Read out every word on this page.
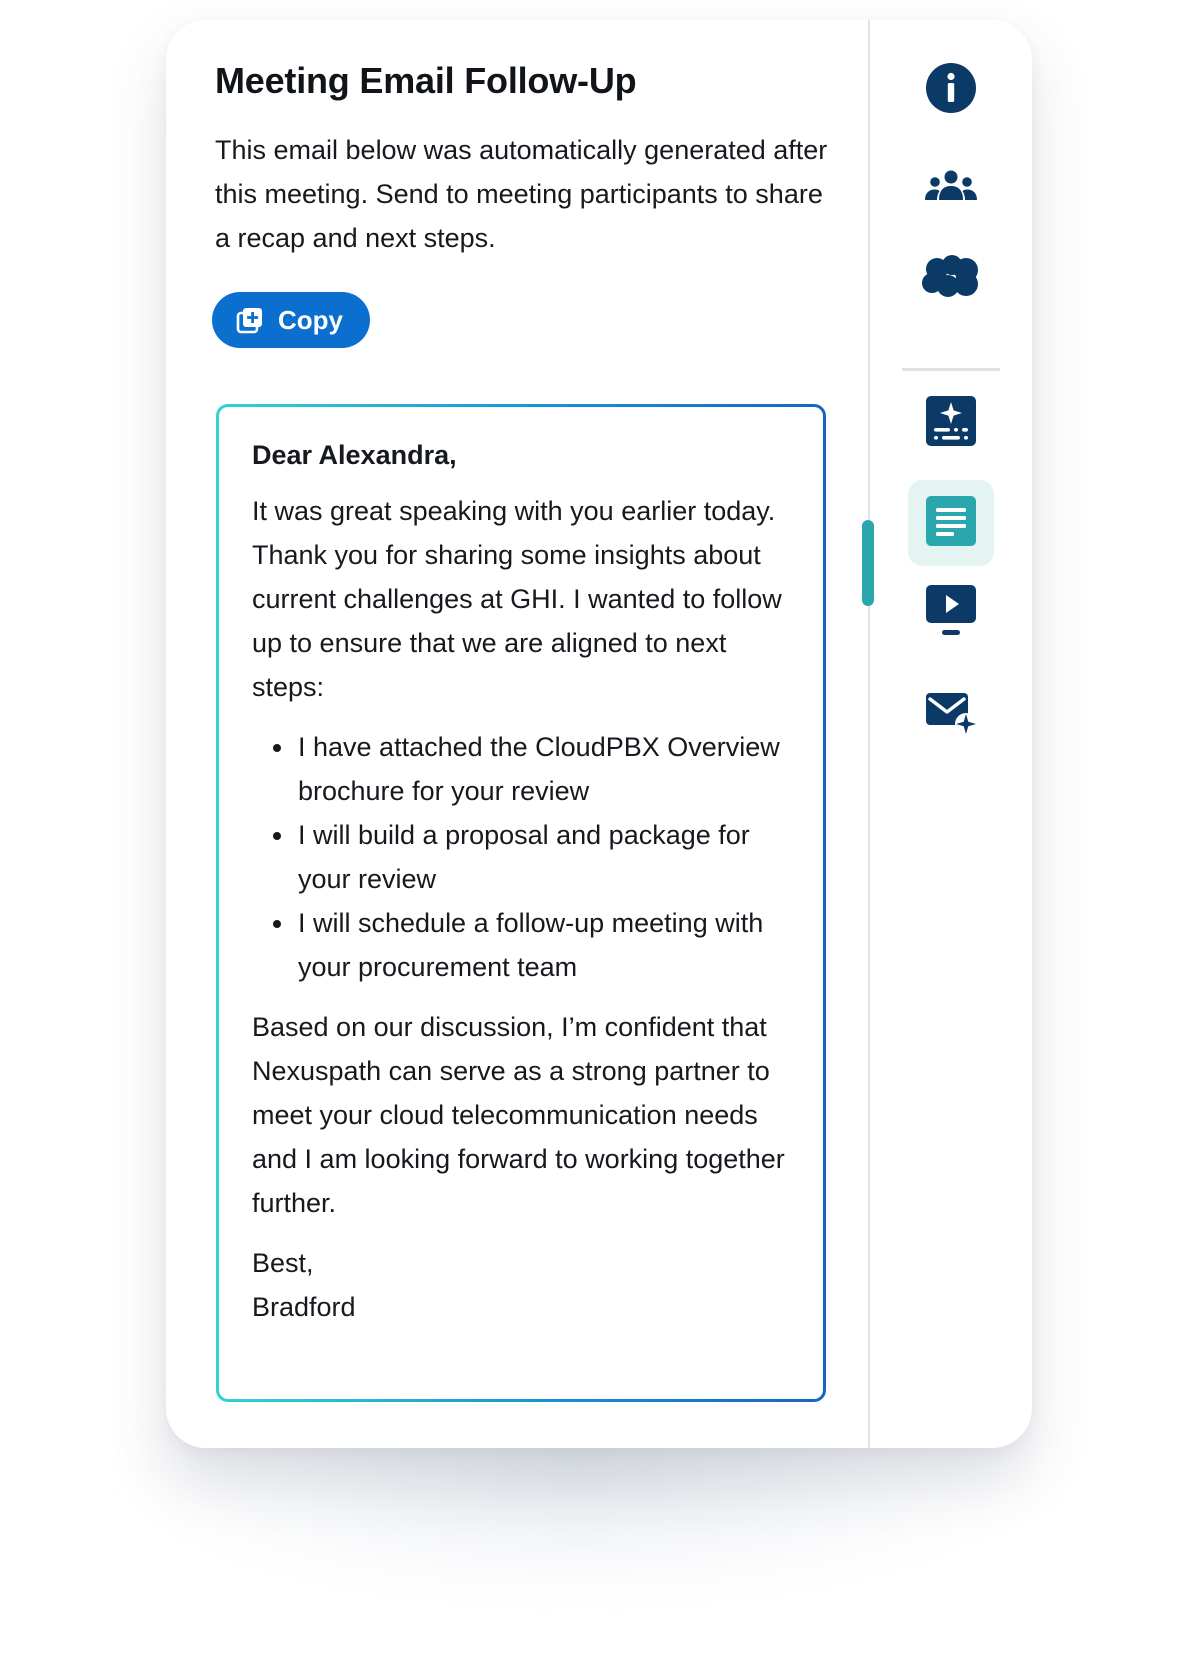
Meeting Email Follow-Up

This email below was automatically generated after this meeting. Send to meeting participants to share a recap and next steps.

Copy

Dear Alexandra,

It was great speaking with you earlier today. Thank you for sharing some insights about current challenges at GHI. I wanted to follow up to ensure that we are aligned to next steps:

• I have attached the CloudPBX Overview brochure for your review
• I will build a proposal and package for your review
• I will schedule a follow-up meeting with your procurement team

Based on our discussion, I’m confident that Nexuspath can serve as a strong partner to meet your cloud telecommunication needs and I am looking forward to working together further.

Best,

Bradford
